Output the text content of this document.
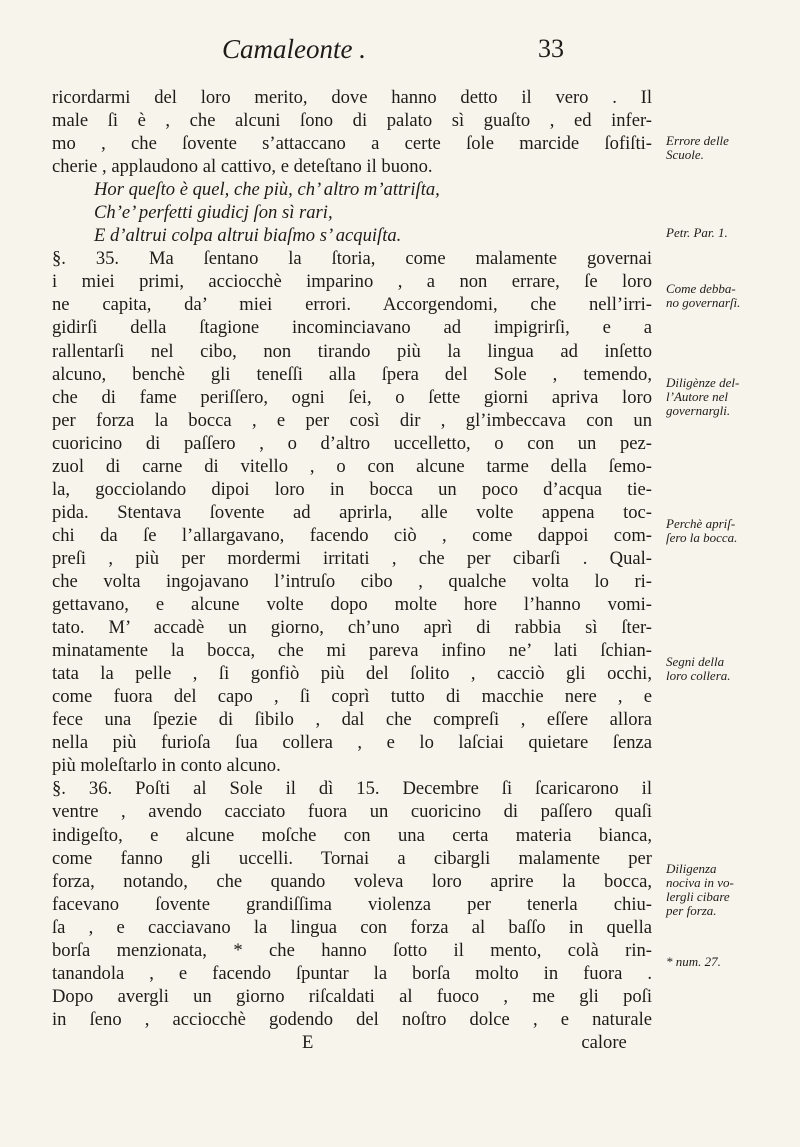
Camaleonte .	33
ricordarmi del loro merito, dove hanno detto il vero . Il
male ſi è , che alcuni ſono di palato sì guaſto , ed infer-
mo , che ſovente s’attaccano a certe ſole marcide ſofiſti-
cherie , applaudono al cattivo, e deteſtano il buono.
Hor queſto è quel, che più, ch’ altro m’attriſta,
Ch’e’ perfetti giudicj ſon sì rari,
E d’altrui colpa altrui biaſmo s’ acquiſta.
§. 35. Ma ſentano la ſtoria, come malamente governai
i miei primi, acciocchè imparino , a non errare, ſe loro
ne capita, da’ miei errori. Accorgendomi, che nell’irri-
gidirſi della ſtagione incominciavano ad impigrirſi, e a
rallentarſi nel cibo, non tirando più la lingua ad inſetto
alcuno, benchè gli teneſſi alla ſpera del Sole , temendo,
che di fame periſſero, ogni ſei, o ſette giorni apriva loro
per forza la bocca , e per così dir , gl’imbeccava con un
cuoricino di paſſero , o d’altro uccelletto, o con un pez-
zuol di carne di vitello , o con alcune tarme della ſemo-
la, gocciolando dipoi loro in bocca un poco d’acqua tie-
pida. Stentava ſovente ad aprirla, alle volte appena toc-
chi da ſe l’allargavano, facendo ciò , come dappoi com-
preſi , più per mordermi irritati , che per cibarſi . Qual-
che volta ingojavano l’intruſo cibo , qualche volta lo ri-
gettavano, e alcune volte dopo molte hore l’hanno vomi-
tato. M’ accadè un giorno, ch’uno aprì di rabbia sì ſter-
minatamente la bocca, che mi pareva infino ne’ lati ſchian-
tata la pelle , ſi gonfiò più del ſolito , cacciò gli occhi,
come fuora del capo , ſi coprì tutto di macchie nere , e
fece una ſpezie di ſibilo , dal che compreſi , eſſere allora
nella più furioſa ſua collera , e lo laſciai quietare ſenza
più moleſtarlo in conto alcuno.
§. 36. Poſti al Sole il dì 15. Decembre ſi ſcaricarono il
ventre , avendo cacciato fuora un cuoricino di paſſero quaſi
indigeſto, e alcune moſche con una certa materia bianca,
come fanno gli uccelli. Tornai a cibargli malamente per
forza, notando, che quando voleva loro aprire la bocca,
facevano ſovente grandiſſima violenza per tenerla chiu-
ſa , e cacciavano la lingua con forza al baſſo in quella
borſa menzionata, * che hanno ſotto il mento, colà rin-
tanandola , e facendo ſpuntar la borſa molto in fuora .
Dopo avergli un giorno riſcaldati al fuoco , me gli poſi
in ſeno , acciocchè godendo del noſtro dolce , e naturale
E	calore
Errore delle
Scuole.
Petr. Par. 1.
Come debba-
no governarſi.
Diligènze del-
l’Autore nel
governargli.
Perchè apriſ-
ſero la bocca.
Segni della
loro collera.
Diligenza
nociva in vo-
lergli cibare
per forza.
* num. 27.
